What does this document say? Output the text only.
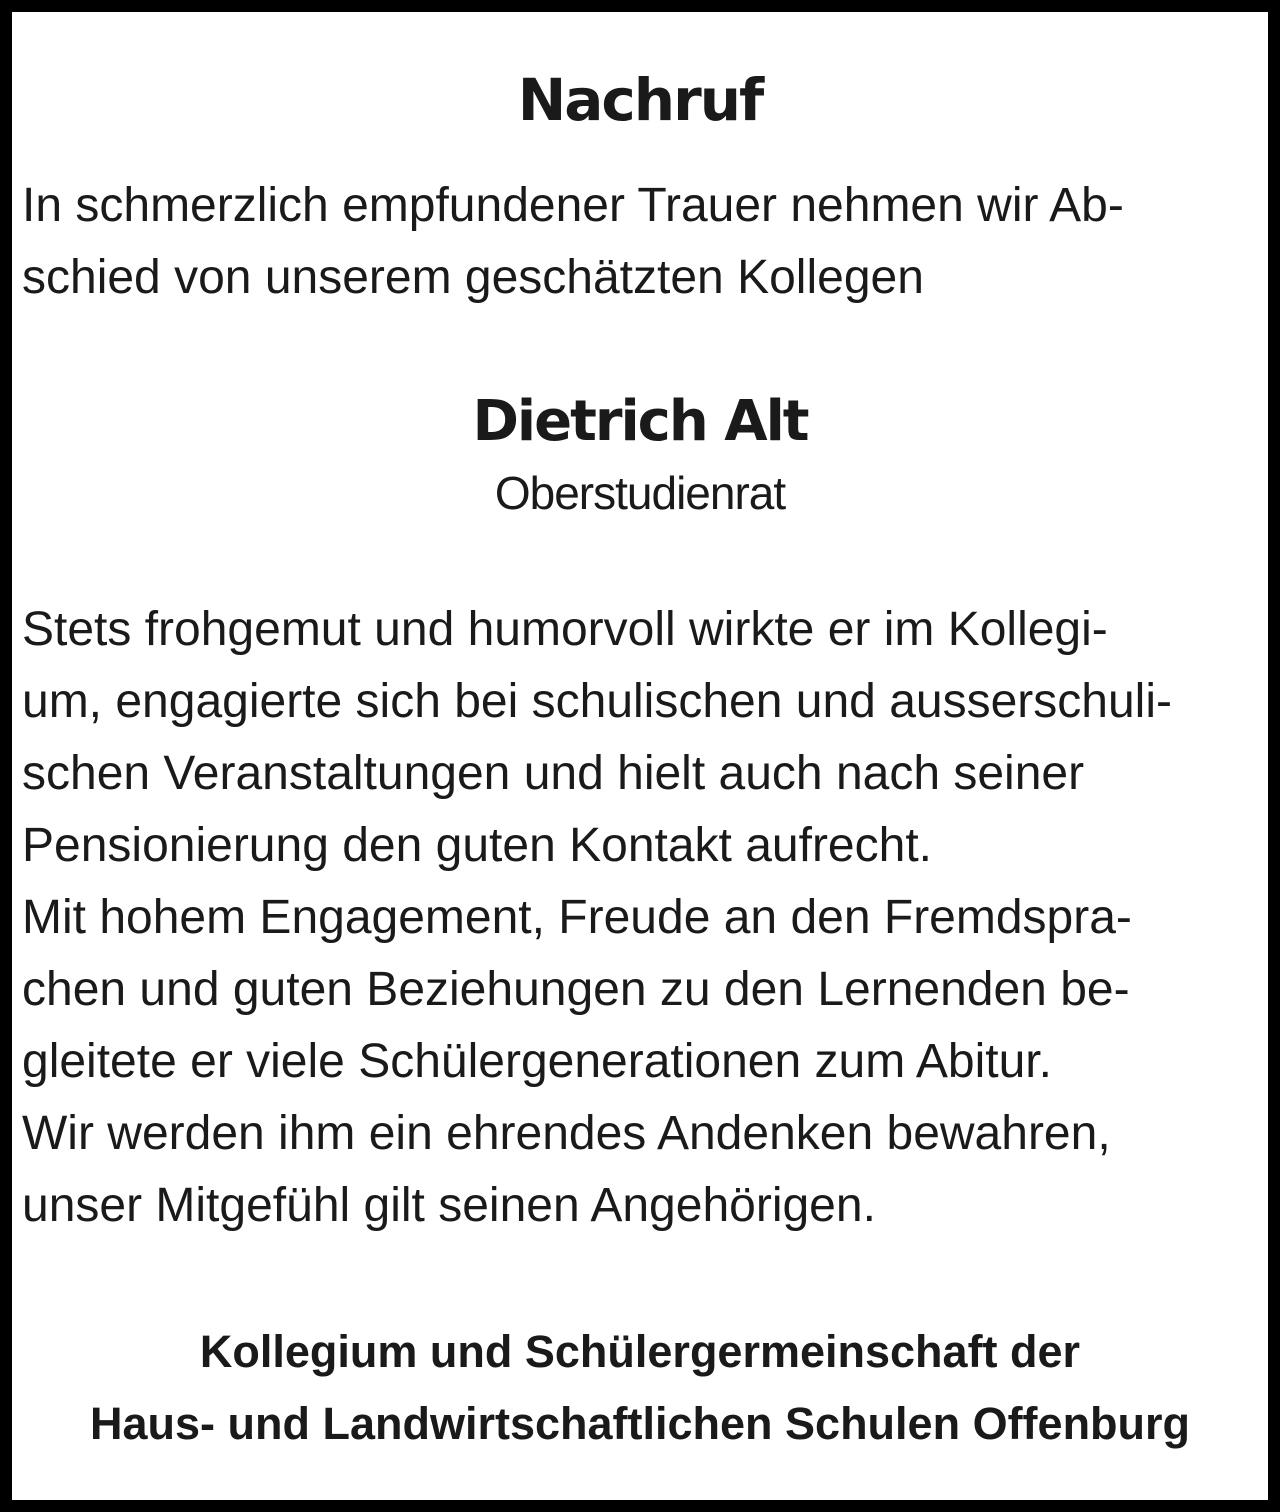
Nachruf

In schmerzlich empfundener Trauer nehmen wir Ab-
schied von unserem geschätzten Kollegen

Dietrich Alt
Oberstudienrat

Stets frohgemut und humorvoll wirkte er im Kollegi-
um, engagierte sich bei schulischen und ausserschuli-
schen Veranstaltungen und hielt auch nach seiner
Pensionierung den guten Kontakt aufrecht.
Mit hohem Engagement, Freude an den Fremdspra-
chen und guten Beziehungen zu den Lernenden be-
gleitete er viele Schülergenerationen zum Abitur.
Wir werden ihm ein ehrendes Andenken bewahren,
unser Mitgefühl gilt seinen Angehörigen.

Kollegium und Schülergermeinschaft der
Haus- und Landwirtschaftlichen Schulen Offenburg
